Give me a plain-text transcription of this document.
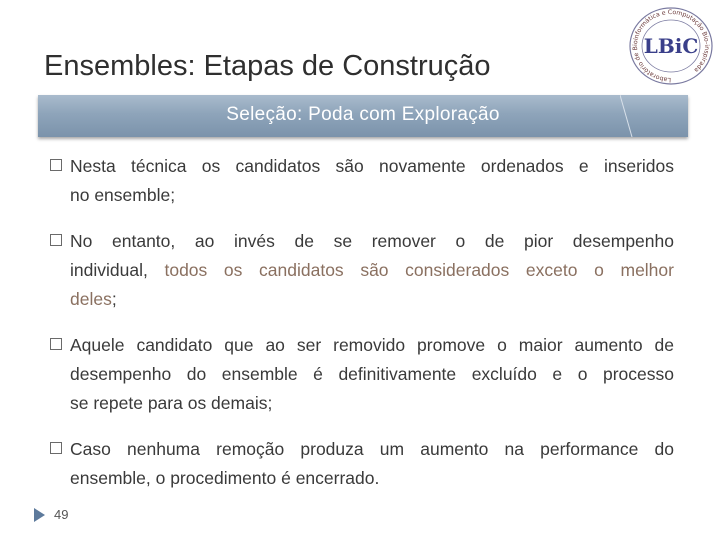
Ensembles: Etapas de Construção	Laboratório de Bioinformática e Computação Bio-inspirada
LBiC
Seleção: Poda com Exploração
Nesta técnica os candidatos são novamente ordenados e inseridos
no ensemble;
No entanto, ao invés de se remover o de pior desempenho
individual, todos os candidatos são considerados exceto o melhor
deles;
Aquele candidato que ao ser removido promove o maior aumento de
desempenho do ensemble é definitivamente excluído e o processo
se repete para os demais;
Caso nenhuma remoção produza um aumento na performance do
ensemble, o procedimento é encerrado.
49
